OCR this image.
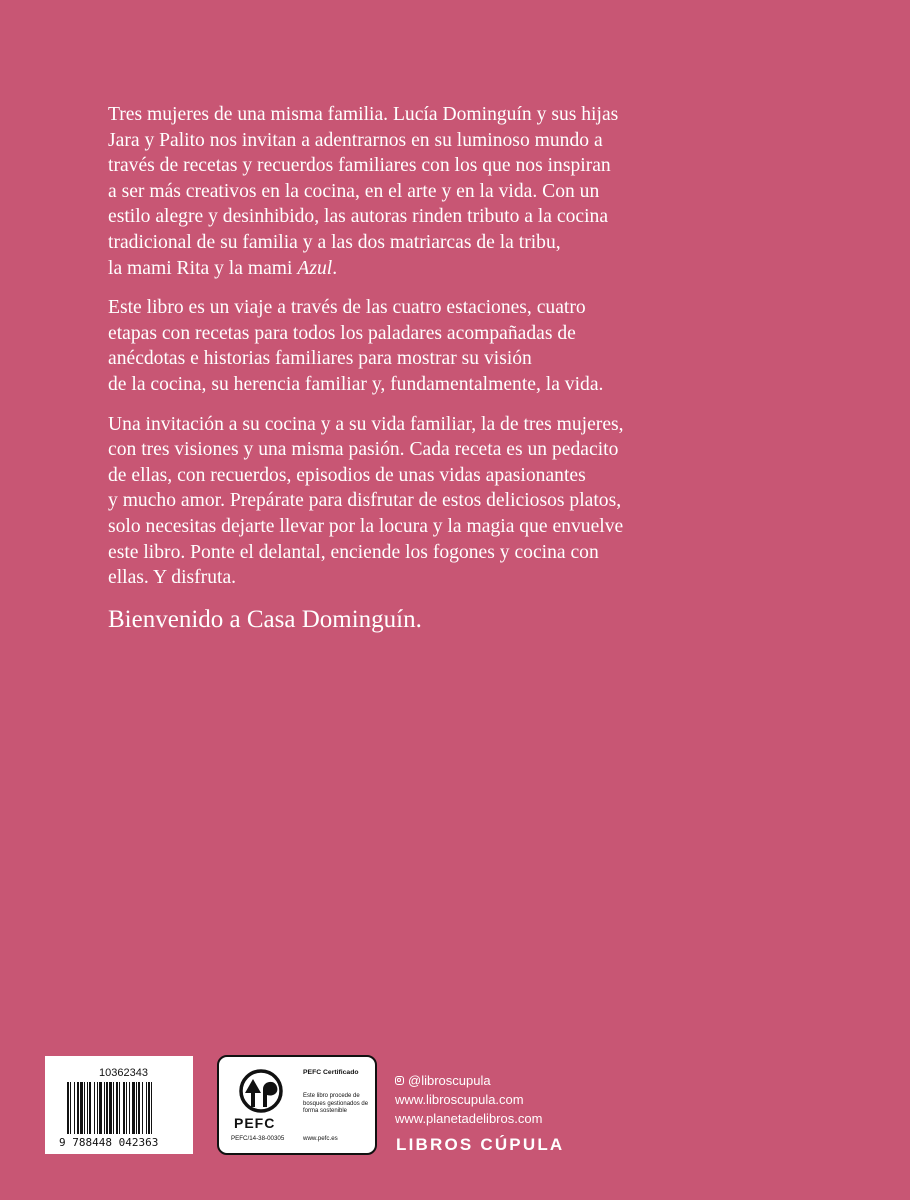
Tres mujeres de una misma familia. Lucía Dominguín y sus hijas
Jara y Palito nos invitan a adentrarnos en su luminoso mundo a
través de recetas y recuerdos familiares con los que nos inspiran
a ser más creativos en la cocina, en el arte y en la vida. Con un
estilo alegre y desinhibido, las autoras rinden tributo a la cocina
tradicional de su familia y a las dos matriarcas de la tribu,
la mami Rita y la mami Azul.

Este libro es un viaje a través de las cuatro estaciones, cuatro
etapas con recetas para todos los paladares acompañadas de
anécdotas e historias familiares para mostrar su visión
de la cocina, su herencia familiar y, fundamentalmente, la vida.

Una invitación a su cocina y a su vida familiar, la de tres mujeres,
con tres visiones y una misma pasión. Cada receta es un pedacito
de ellas, con recuerdos, episodios de unas vidas apasionantes
y mucho amor. Prepárate para disfrutar de estos deliciosos platos,
solo necesitas dejarte llevar por la locura y la magia que envuelve
este libro. Ponte el delantal, enciende los fogones y cocina con
ellas. Y disfruta.

Bienvenido a Casa Dominguín.
10362343
9 788448 042363
PEFC
PEFC/14-38-00305
PEFC Certificado
Este libro procede de bosques gestionados de forma sostenible
www.pefc.es
@libroscupula
www.libroscupula.com
www.planetadelibros.com
LIBROS CÚPULA
